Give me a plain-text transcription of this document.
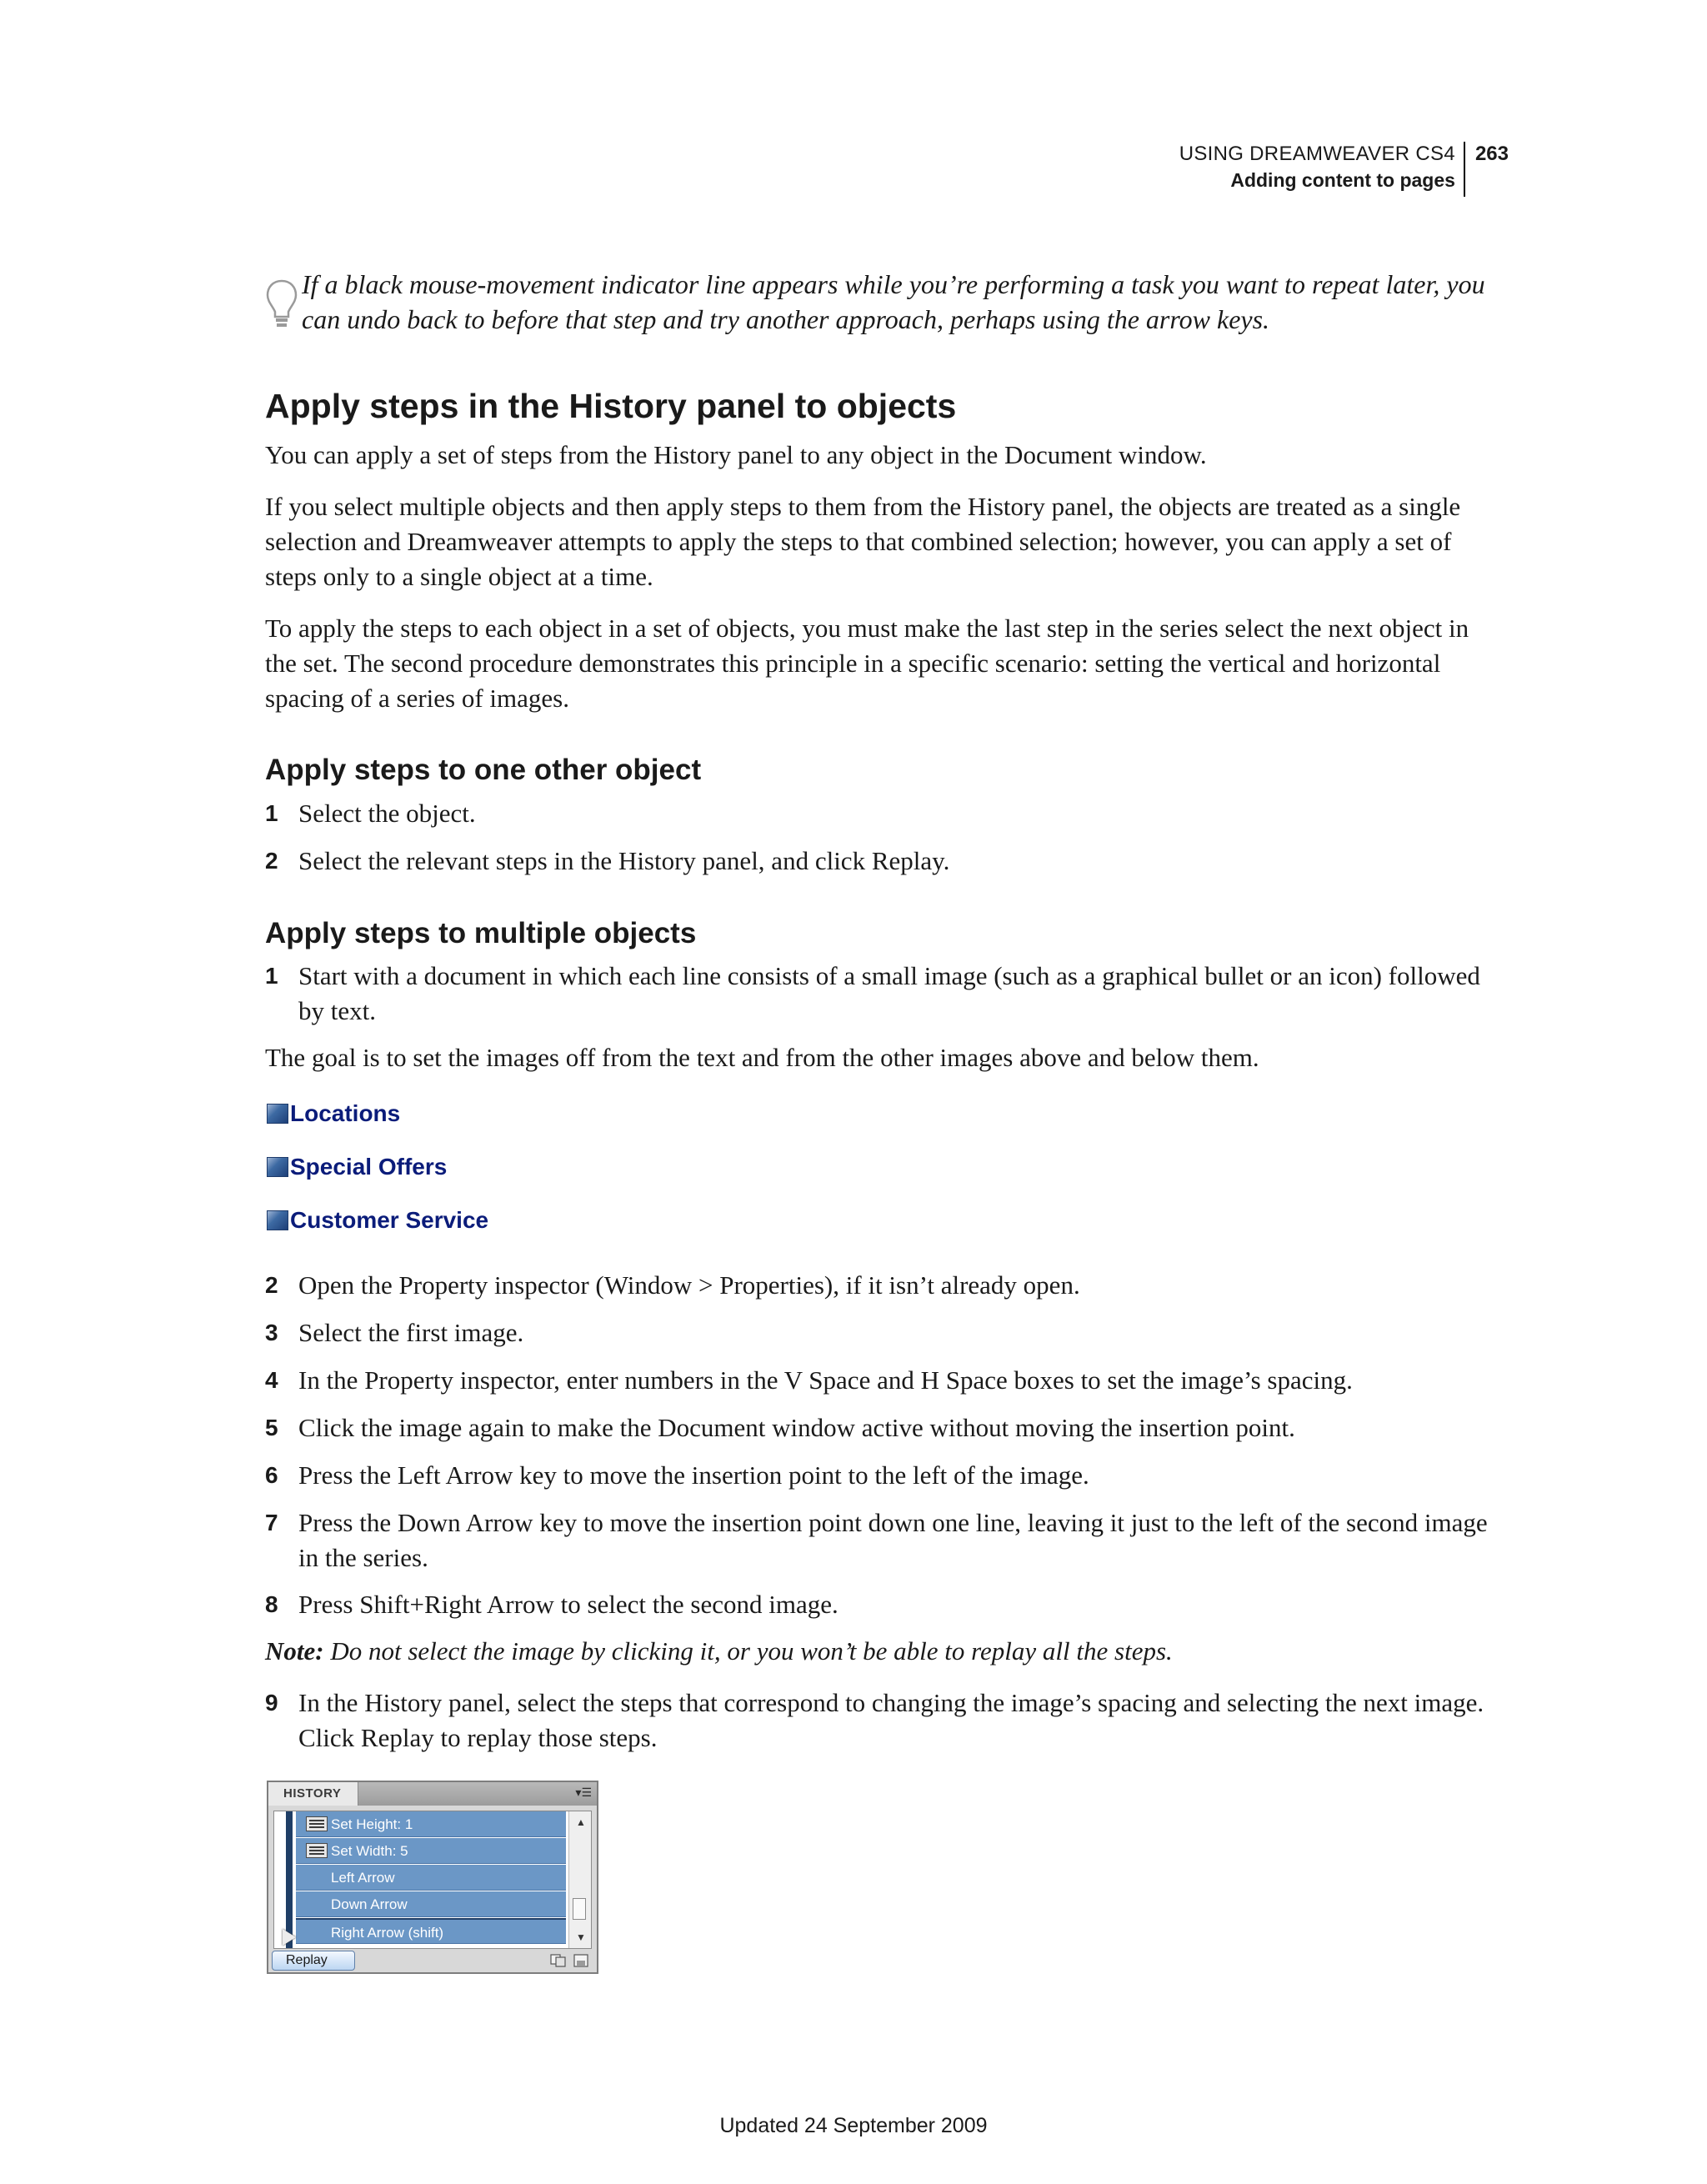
USING DREAMWEAVER CS4
Adding content to pages
263

If a black mouse-movement indicator line appears while you’re performing a task you want to repeat later, you can undo back to before that step and try another approach, perhaps using the arrow keys.

Apply steps in the History panel to objects

You can apply a set of steps from the History panel to any object in the Document window.

If you select multiple objects and then apply steps to them from the History panel, the objects are treated as a single selection and Dreamweaver attempts to apply the steps to that combined selection; however, you can apply a set of steps only to a single object at a time.

To apply the steps to each object in a set of objects, you must make the last step in the series select the next object in the set. The second procedure demonstrates this principle in a specific scenario: setting the vertical and horizontal spacing of a series of images.

Apply steps to one other object
1 Select the object.
2 Select the relevant steps in the History panel, and click Replay.
Apply steps to multiple objects
1 Start with a document in which each line consists of a small image (such as a graphical bullet or an icon) followed by text.

The goal is to set the images off from the text and from the other images above and below them.

Locations
Special Offers
Customer Service
2 Open the Property inspector (Window > Properties), if it isn’t already open.
3 Select the first image.
4 In the Property inspector, enter numbers in the V Space and H Space boxes to set the image’s spacing.
5 Click the image again to make the Document window active without moving the insertion point.
6 Press the Left Arrow key to move the insertion point to the left of the image.
7 Press the Down Arrow key to move the insertion point down one line, leaving it just to the left of the second image in the series.
8 Press Shift+Right Arrow to select the second image.
Note: Do not select the image by clicking it, or you won’t be able to replay all the steps.
9 In the History panel, select the steps that correspond to changing the image’s spacing and selecting the next image. Click Replay to replay those steps.
HISTORY	▾☰
Set Height: 1
Set Width: 5
Left Arrow
Down Arrow
Right Arrow (shift)
▲
▼
Replay
Updated 24 September 2009
